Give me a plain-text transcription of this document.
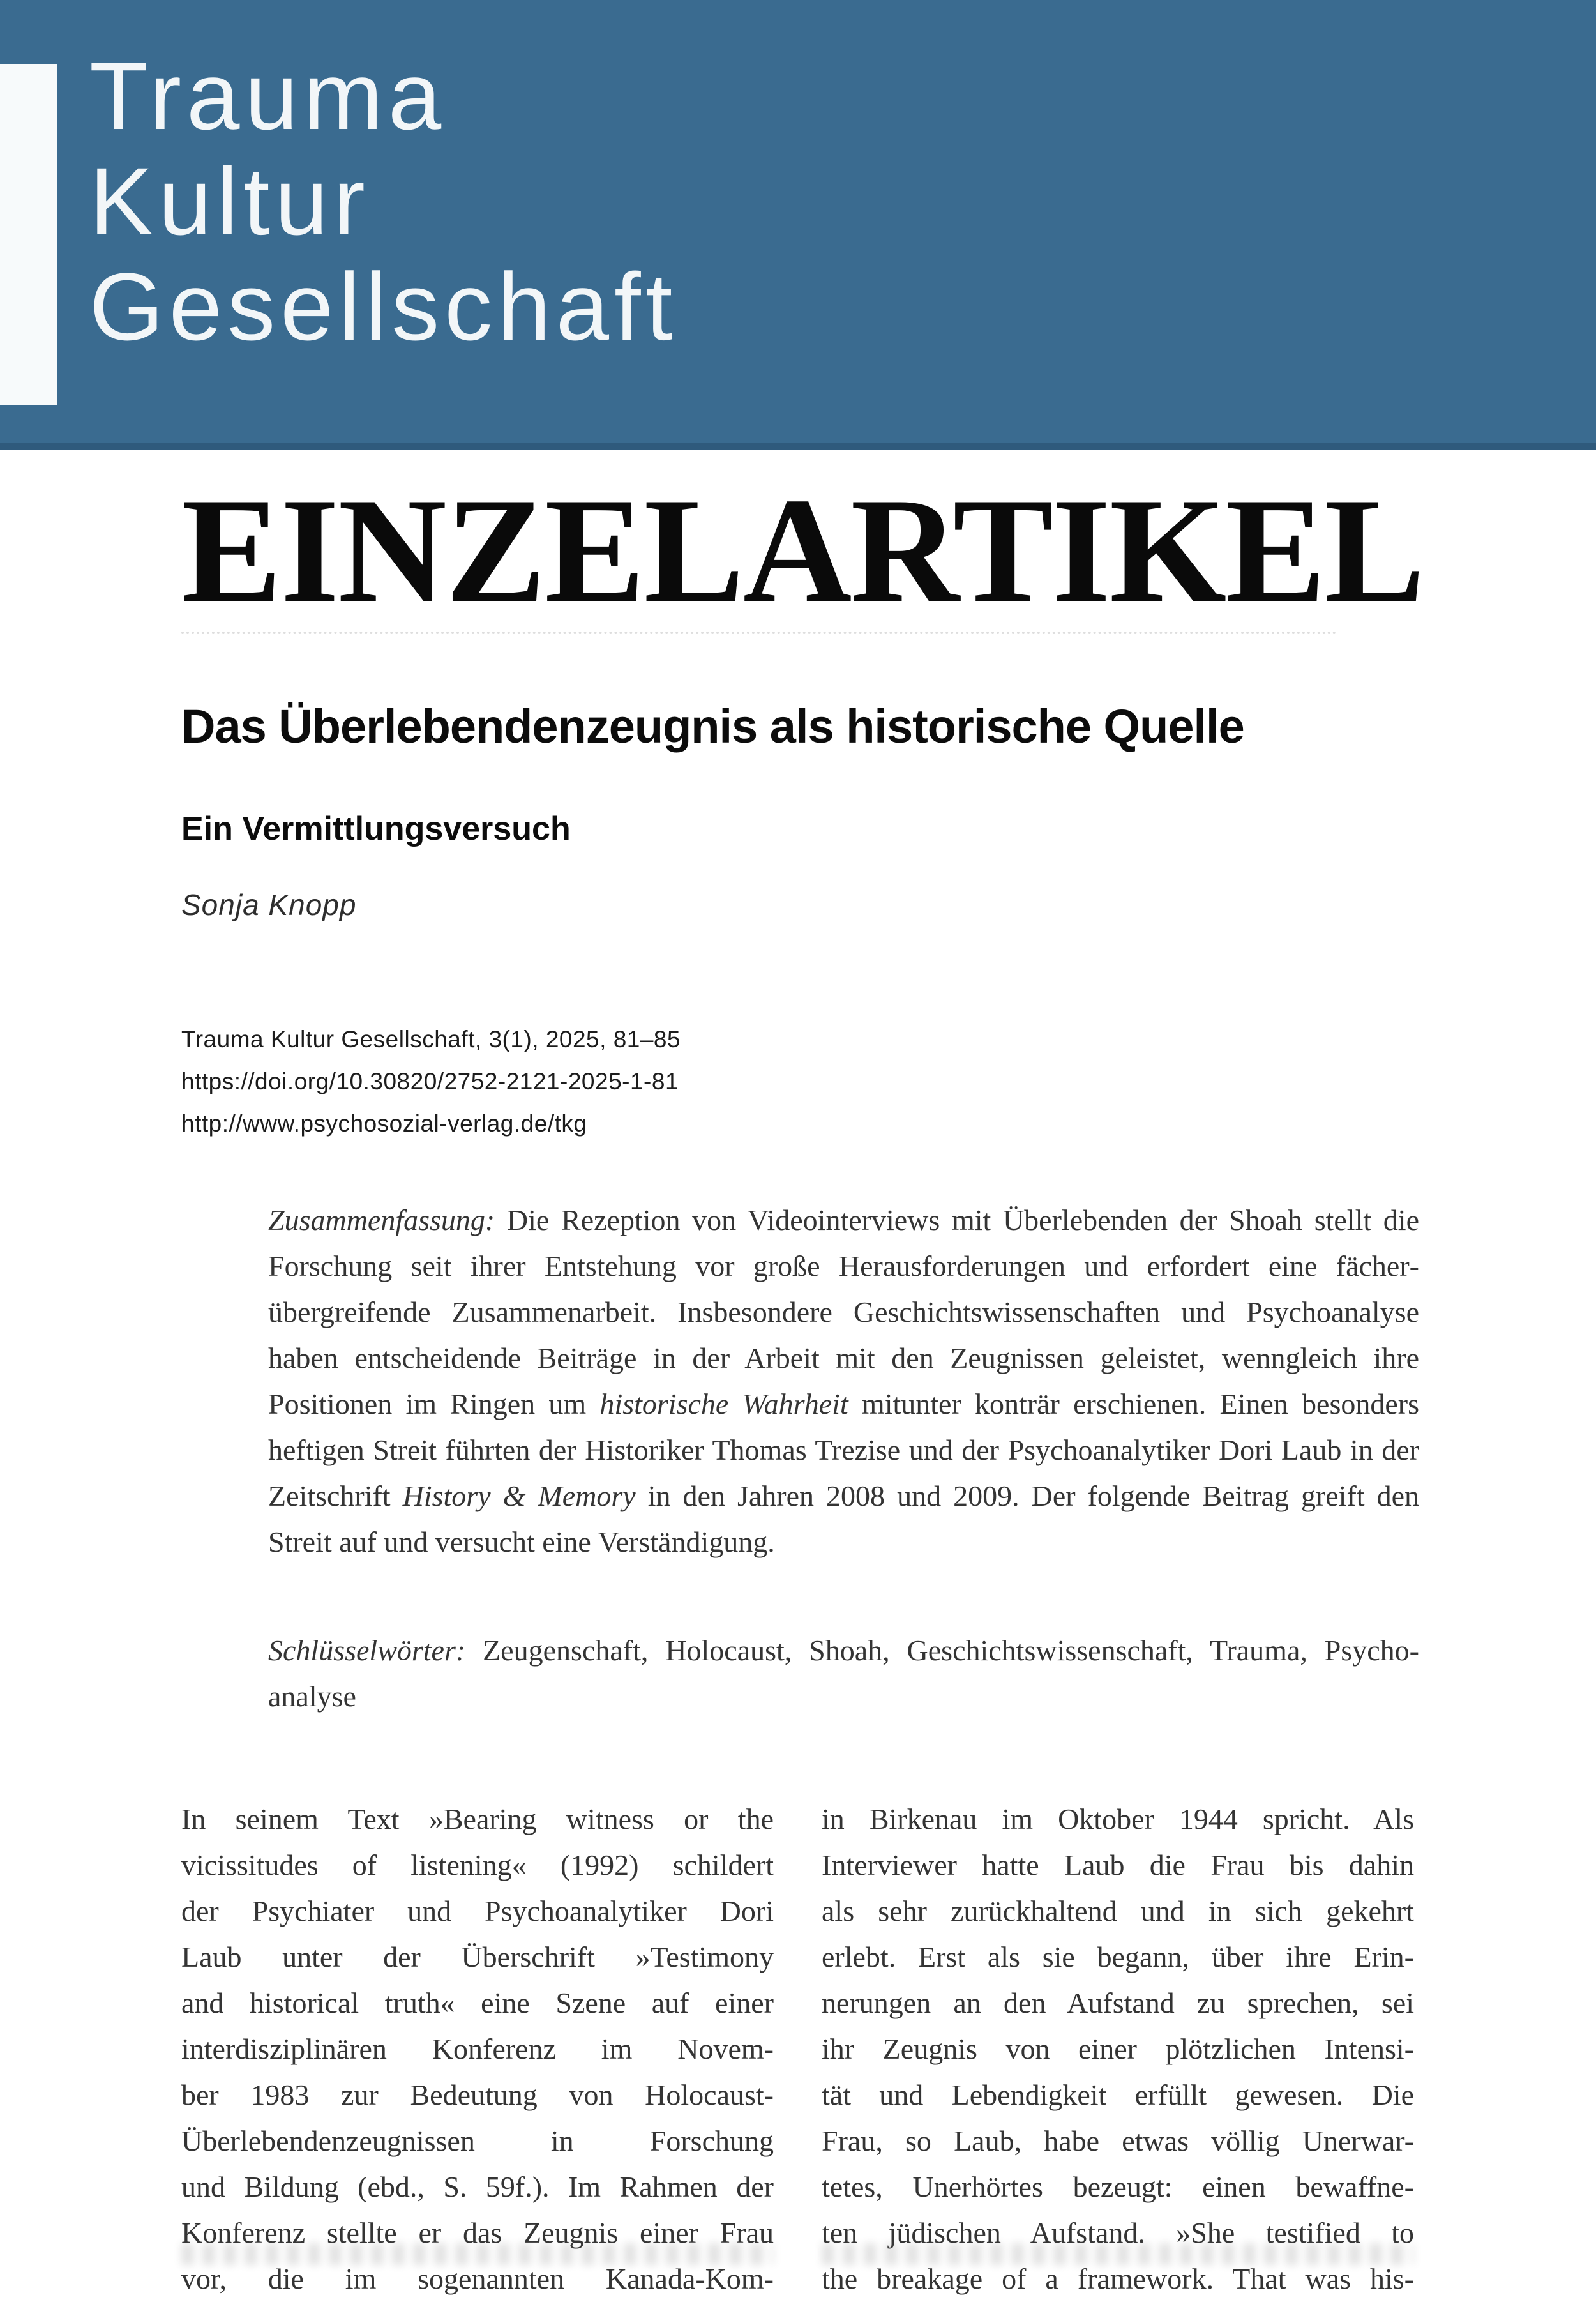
Trauma
Kultur
Gesellschaft
EINZELARTIKEL
Das Überlebendenzeugnis als historische Quelle
Ein Vermittlungsversuch
Sonja Knopp
Trauma Kultur Gesellschaft, 3(1), 2025, 81–85
https://doi.org/10.30820/2752-2121-2025-1-81
http://www.psychosozial-verlag.de/tkg

Zusammenfassung: Die Rezeption von Videointerviews mit Überlebenden der Shoah stellt die Forschung seit ihrer Entstehung vor große Herausforderungen und erfordert eine fächerübergreifende Zusammenarbeit. Insbesondere Geschichtswissenschaften und Psychoanalyse haben entscheidende Beiträge in der Arbeit mit den Zeugnissen geleistet, wenngleich ihre Positionen im Ringen um historische Wahrheit mitunter konträr erschienen. Einen besonders heftigen Streit führten der Historiker Thomas Trezise und der Psychoanalytiker Dori Laub in der Zeitschrift History & Memory in den Jahren 2008 und 2009. Der folgende Beitrag greift den Streit auf und versucht eine Verständigung.

Schlüsselwörter: Zeugenschaft, Holocaust, Shoah, Geschichtswissenschaft, Trauma, Psychoanalyse

In seinem Text »Bearing witness or the
vicissitudes of listening« (1992) schildert
der Psychiater und Psychoanalytiker Dori
Laub unter der Überschrift »Testimony
and historical truth« eine Szene auf einer
interdisziplinären Konferenz im Novem-
ber 1983 zur Bedeutung von Holocaust-
Überlebendenzeugnissen in Forschung
und Bildung (ebd., S. 59f.). Im Rahmen der
Konferenz stellte er das Zeugnis einer Frau
vor, die im sogenannten Kanada-Kom-
in Birkenau im Oktober 1944 spricht. Als
Interviewer hatte Laub die Frau bis dahin
als sehr zurückhaltend und in sich gekehrt
erlebt. Erst als sie begann, über ihre Erin-
nerungen an den Aufstand zu sprechen, sei
ihr Zeugnis von einer plötzlichen Intensi-
tät und Lebendigkeit erfüllt gewesen. Die
Frau, so Laub, habe etwas völlig Unerwar-
tetes, Unerhörtes bezeugt: einen bewaffne-
ten jüdischen Aufstand. »She testified to
the breakage of a framework. That was his-
